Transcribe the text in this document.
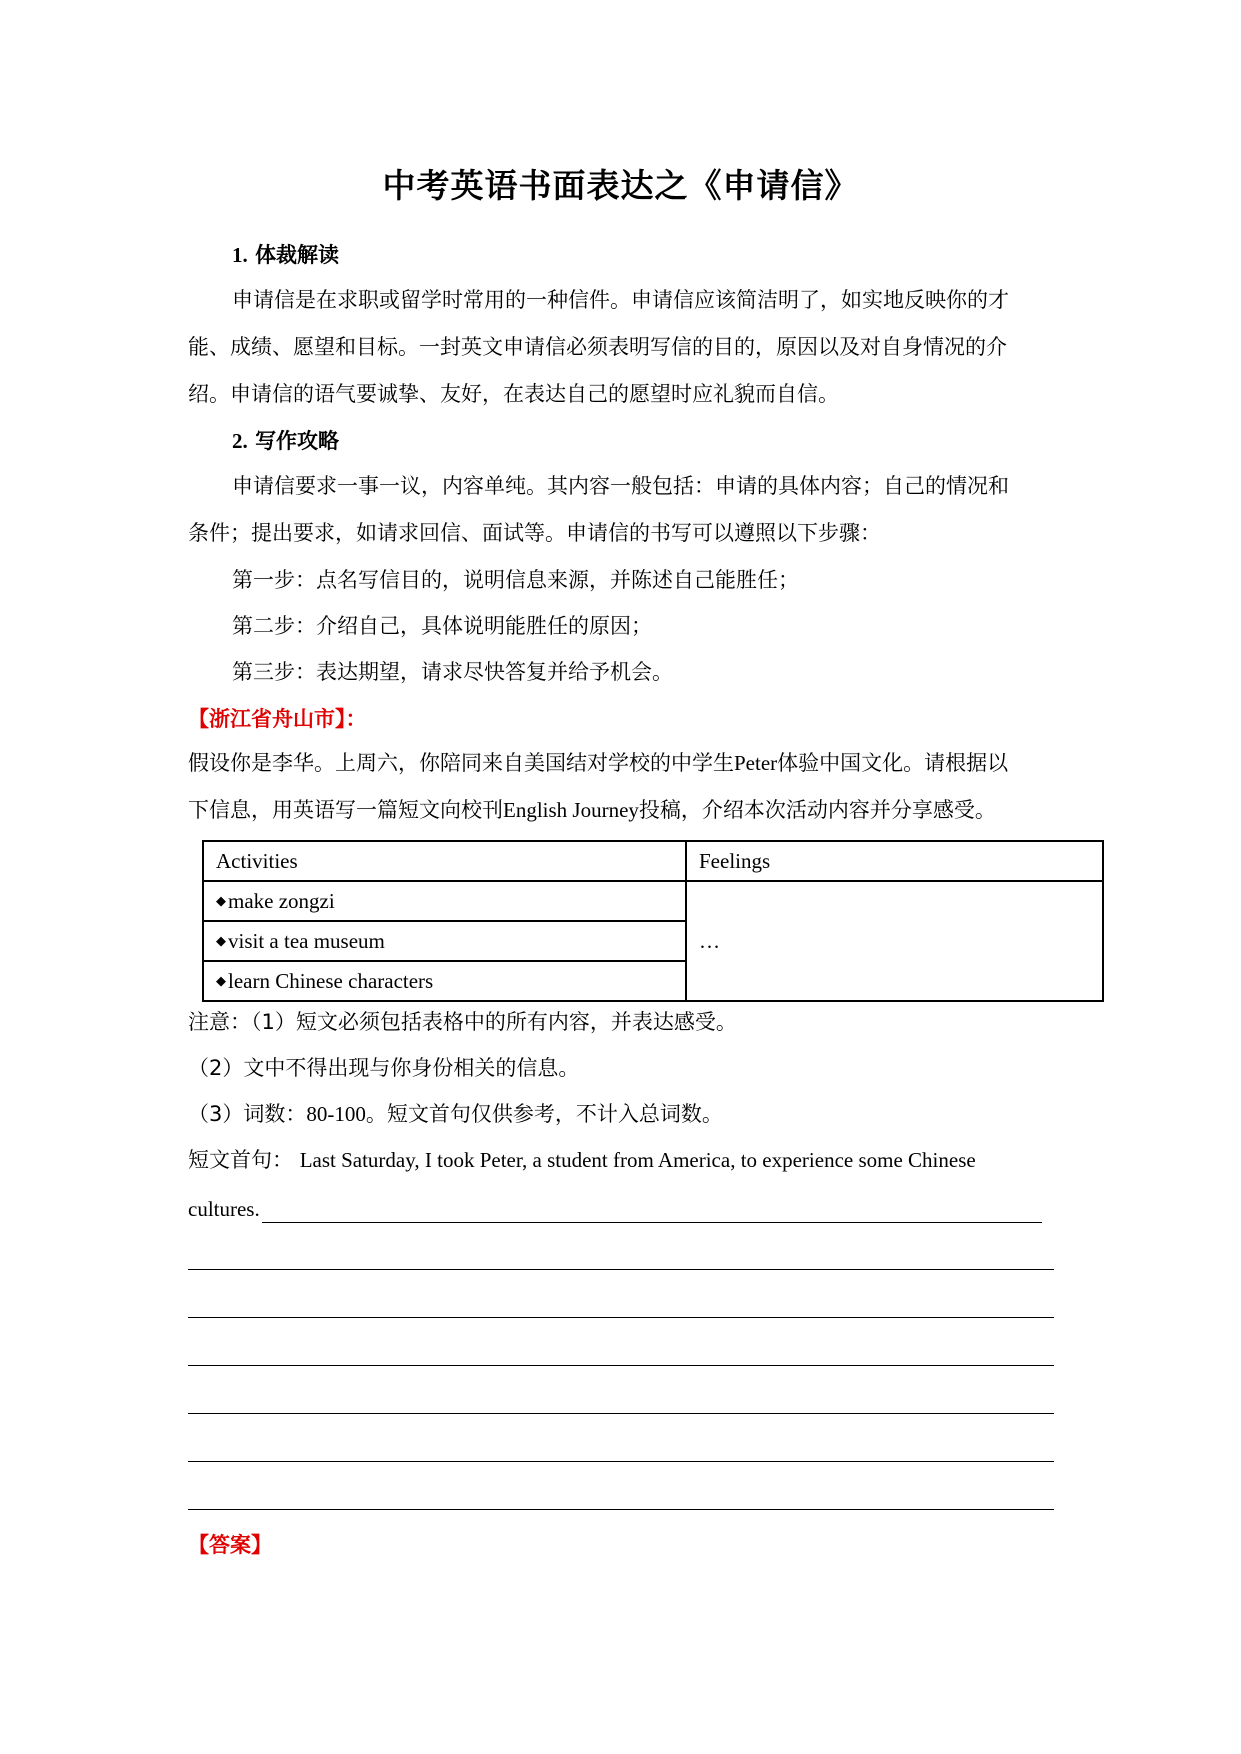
中考英语书面表达之《申请信》
1. 体裁解读
申请信是在求职或留学时常用的一种信件。申请信应该简洁明了，如实地反映你的才
能、成绩、愿望和目标。一封英文申请信必须表明写信的目的，原因以及对自身情况的介
绍。申请信的语气要诚挚、友好，在表达自己的愿望时应礼貌而自信。
2. 写作攻略
申请信要求一事一议，内容单纯。其内容一般包括：申请的具体内容；自己的情况和
条件；提出要求，如请求回信、面试等。申请信的书写可以遵照以下步骤：
第一步：点名写信目的，说明信息来源，并陈述自己能胜任；
第二步：介绍自己，具体说明能胜任的原因；
第三步：表达期望，请求尽快答复并给予机会。
【浙江省舟山市】：
假设你是李华。上周六，你陪同来自美国结对学校的中学生Peter体验中国文化。请根据以
下信息，用英语写一篇短文向校刊English Journey投稿，介绍本次活动内容并分享感受。
Activities	Feelings
◆make zongzi	…
◆visit a tea museum	
◆learn Chinese characters	
注意：（1）短文必须包括表格中的所有内容，并表达感受。
（2）文中不得出现与你身份相关的信息。
（3）词数：80-100。短文首句仅供参考，不计入总词数。
短文首句： Last Saturday, I took Peter, a student from America, to experience some Chinese
cultures.
【答案】
